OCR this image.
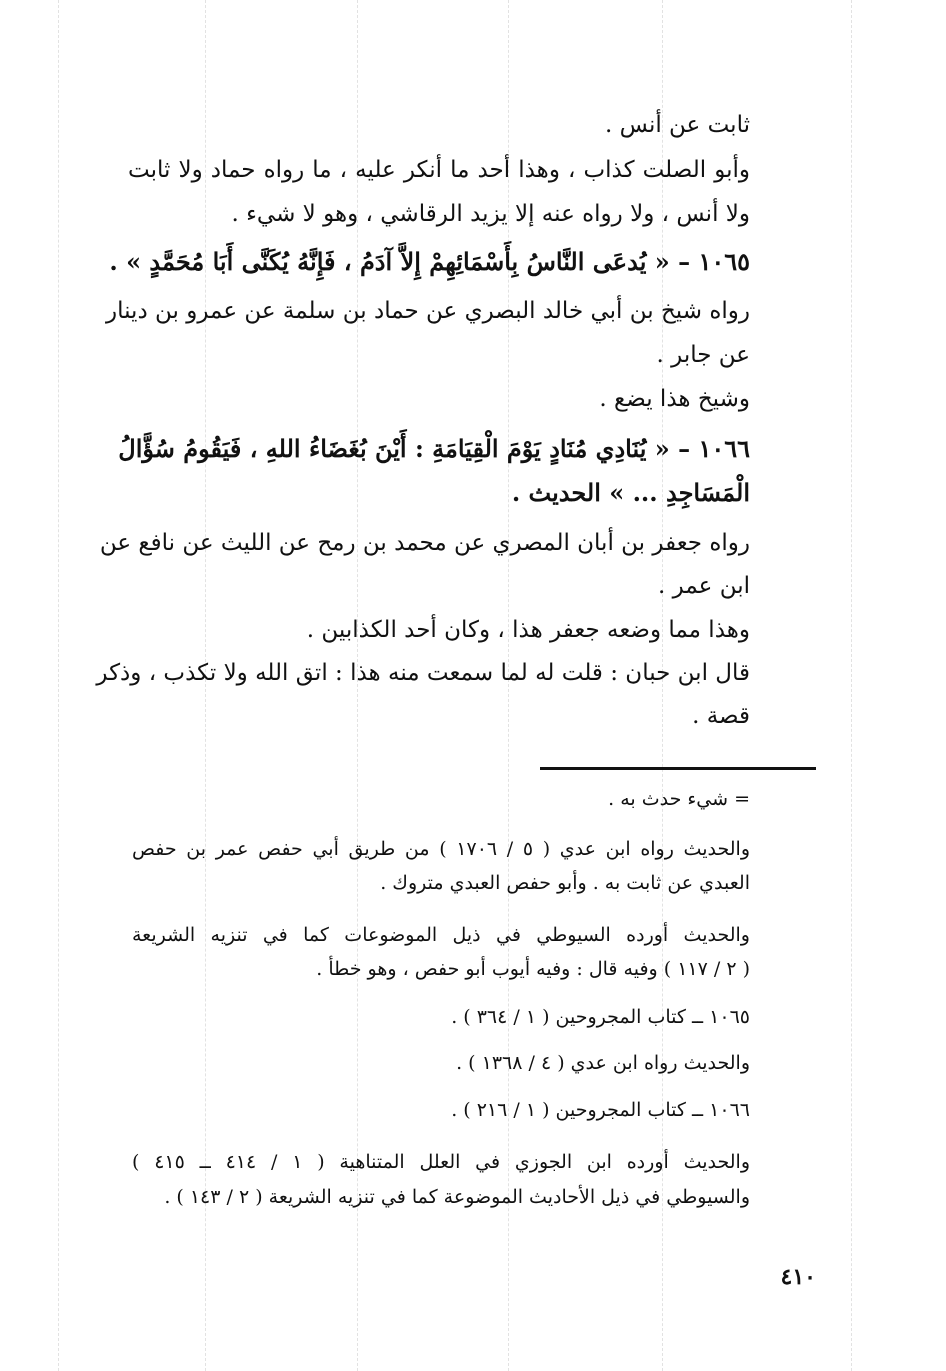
ثابت عن أنس .
وأبو الصلت كذاب ، وهذا أحد ما أنكر عليه ، ما رواه حماد ولا ثابت
ولا أنس ، ولا رواه عنه إلا يزيد الرقاشي ، وهو لا شيء .
١٠٦٥ – « يُدعَى النَّاسُ بِأَسْمَائِهِمْ إِلاَّ آدَمُ ، فَإِنَّهُ يُكَنَّى أَبَا مُحَمَّدٍ » .
رواه شيخ بن أبي خالد البصري عن حماد بن سلمة عن عمرو بن دينار
عن جابر .
وشيخ هذا يضع .
١٠٦٦ – « يُنَادِي مُنَادٍ يَوْمَ الْقِيَامَةِ : أَيْنَ بُغَضَاءُ اللهِ ، فَيَقُومُ سُؤَّالُ
الْمَسَاجِدِ ... » الحديث .
رواه جعفر بن أبان المصري عن محمد بن رمح عن الليث عن نافع عن
ابن عمر .
وهذا مما وضعه جعفر هذا ، وكان أحد الكذابين .
قال ابن حبان : قلت له لما سمعت منه هذا : اتق الله ولا تكذب ، وذكر
قصة .
= شيء حدث به .
والحديث رواه ابن عدي ( ٥ / ١٧٠٦ ) من طريق أبي حفص عمر بن حفص
العبدي عن ثابت به . وأبو حفص العبدي متروك .
والحديث أورده السيوطي في ذيل الموضوعات كما في تنزيه الشريعة
( ٢ / ١١٧ ) وفيه قال : وفيه أيوب أبو حفص ، وهو خطأ .
١٠٦٥ ــ كتاب المجروحين ( ١ / ٣٦٤ ) .
والحديث رواه ابن عدي ( ٤ / ١٣٦٨ ) .
١٠٦٦ ــ كتاب المجروحين ( ١ / ٢١٦ ) .
والحديث أورده ابن الجوزي في العلل المتناهية ( ١ / ٤١٤ ــ ٤١٥ )
والسيوطي في ذيل الأحاديث الموضوعة كما في تنزيه الشريعة ( ٢ / ١٤٣ ) .
٤١٠
